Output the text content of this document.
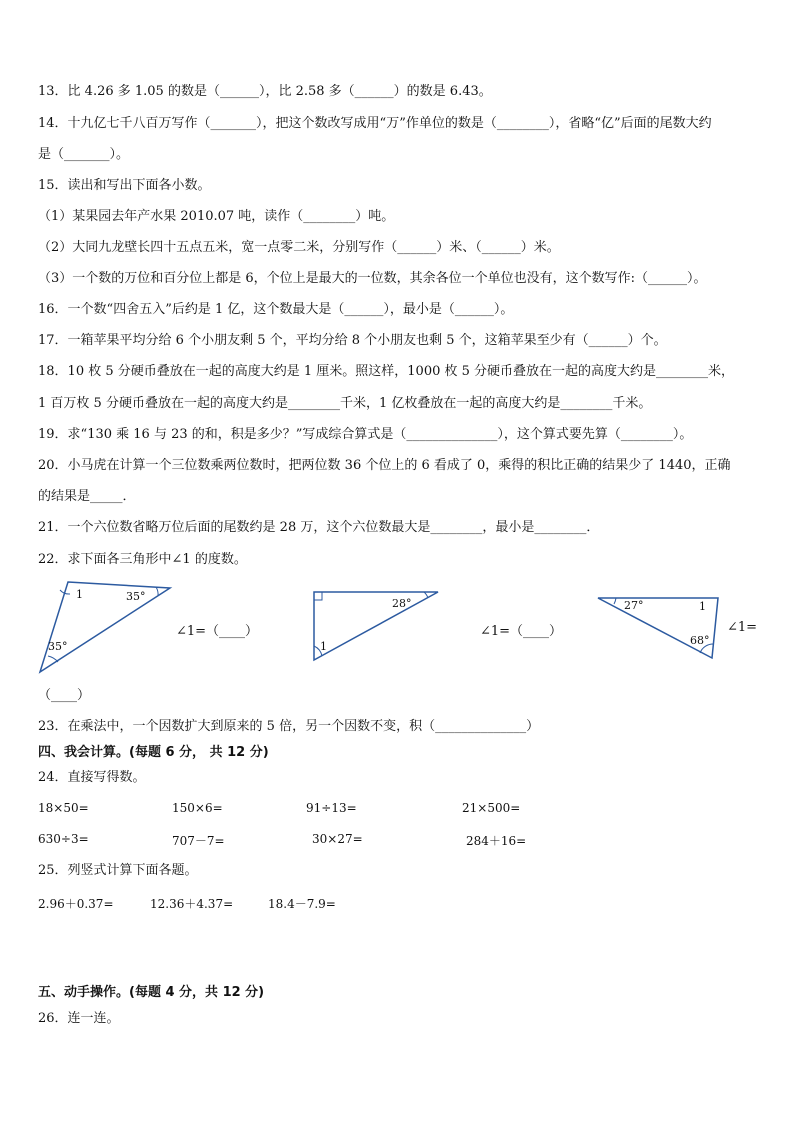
13．比 4.26 多 1.05 的数是（______），比 2.58 多（______）的数是 6.43。
14．十九亿七千八百万写作（_______），把这个数改写成用“万”作单位的数是（________），省略“亿”后面的尾数大约
是（_______）。
15．读出和写出下面各小数。
（1）某果园去年产水果 2010.07 吨，读作（________）吨。
（2）大同九龙壁长四十五点五米，宽一点零二米，分别写作（______）米、（______）米。
（3）一个数的万位和百分位上都是 6，个位上是最大的一位数，其余各位一个单位也没有，这个数写作:（______）。
16．一个数“四舍五入”后约是 1 亿，这个数最大是（______），最小是（______）。
17．一箱苹果平均分给 6 个小朋友剩 5 个，平均分给 8 个小朋友也剩 5 个，这箱苹果至少有（______）个。
18．10 枚 5 分硬币叠放在一起的高度大约是 1 厘米。照这样，1000 枚 5 分硬币叠放在一起的高度大约是________米，
1 百万枚 5 分硬币叠放在一起的高度大约是________千米，1 亿枚叠放在一起的高度大约是________千米。
19．求“130 乘 16 与 23 的和，积是多少？”写成综合算式是（______________），这个算式要先算（________）。
20．小马虎在计算一个三位数乘两位数时，把两位数 36 个位上的 6 看成了 0，乘得的积比正确的结果少了 1440，正确
的结果是_____．
21．一个六位数省略万位后面的尾数约是 28 万，这个六位数最大是________，最小是________．
22．求下面各三角形中∠1 的度数。
1	35°
35°
∠1=（____）
28°
1
∠1=（____）
27°	1
68°
∠1=
（____）
23．在乘法中，一个因数扩大到原来的 5 倍，另一个因数不变，积（______________）
四、我会计算。(每题 6 分， 共 12 分)
24．直接写得数。
18×50=	150×6=	91÷13=	21×500=
630÷3=	707－7=	30×27=	284＋16=
25．列竖式计算下面各题。
2.96＋0.37=	12.36＋4.37=	18.4－7.9=
五、动手操作。(每题 4 分，共 12 分)
26．连一连。
